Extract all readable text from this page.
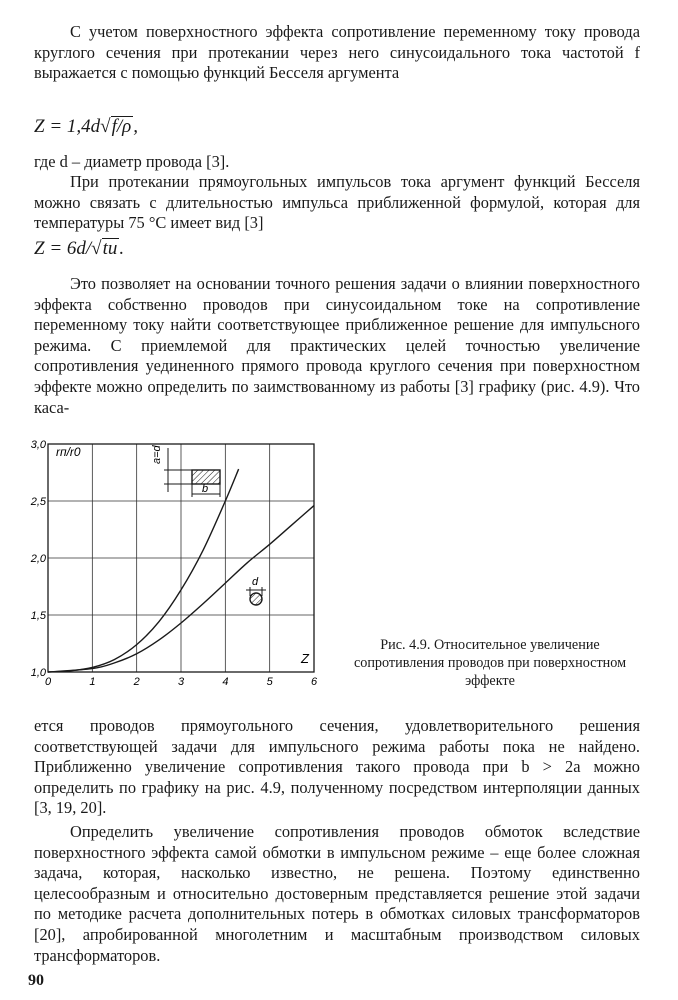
С учетом поверхностного эффекта сопротивление переменному току провода круглого сечения при протекании через него синусоидального тока частотой f выражается с помощью функций Бесселя аргумента

Z = 1,4d√f/ρ ,

где d – диаметр провода [3].

При протекании прямоугольных импульсов тока аргумент функций Бесселя можно связать с длительностью импульса приближенной формулой, которая для температуры 75 °С имеет вид [3]

Z = 6d/√tи .

Это позволяет на основании точного решения задачи о влиянии поверхностного эффекта собственно проводов при синусоидальном токе на сопротивление переменному току найти соответствующее приближенное решение для импульсного режима. С приемлемой для практических целей точностью увеличение сопротивления уединенного прямого провода круглого сечения при поверхностном эффекте можно определить по заимствованному из работы [3] графику (рис. 4.9). Что каса-

0	1	2	3	4	5	6
1,0
1,5
2,0
2,5
3,0 rп/r0
Z
a=d
b
d

Рис. 4.9. Относительное увеличение сопротивления проводов при поверхностном эффекте

ется проводов прямоугольного сечения, удовлетворительного решения соответствующей задачи для импульсного режима работы пока не найдено. Приближенно увеличение сопротивления такого провода при b > 2a можно определить по графику на рис. 4.9, полученному посредством интерполяции данных [3, 19, 20].

Определить увеличение сопротивления проводов обмоток вследствие поверхностного эффекта самой обмотки в импульсном режиме – еще более сложная задача, которая, насколько известно, не решена. Поэтому единственно целесообразным и относительно достоверным представляется решение этой задачи по методике расчета дополнительных потерь в обмотках силовых трансформаторов [20], апробированной многолетним и масштабным производством силовых трансформаторов.

90
